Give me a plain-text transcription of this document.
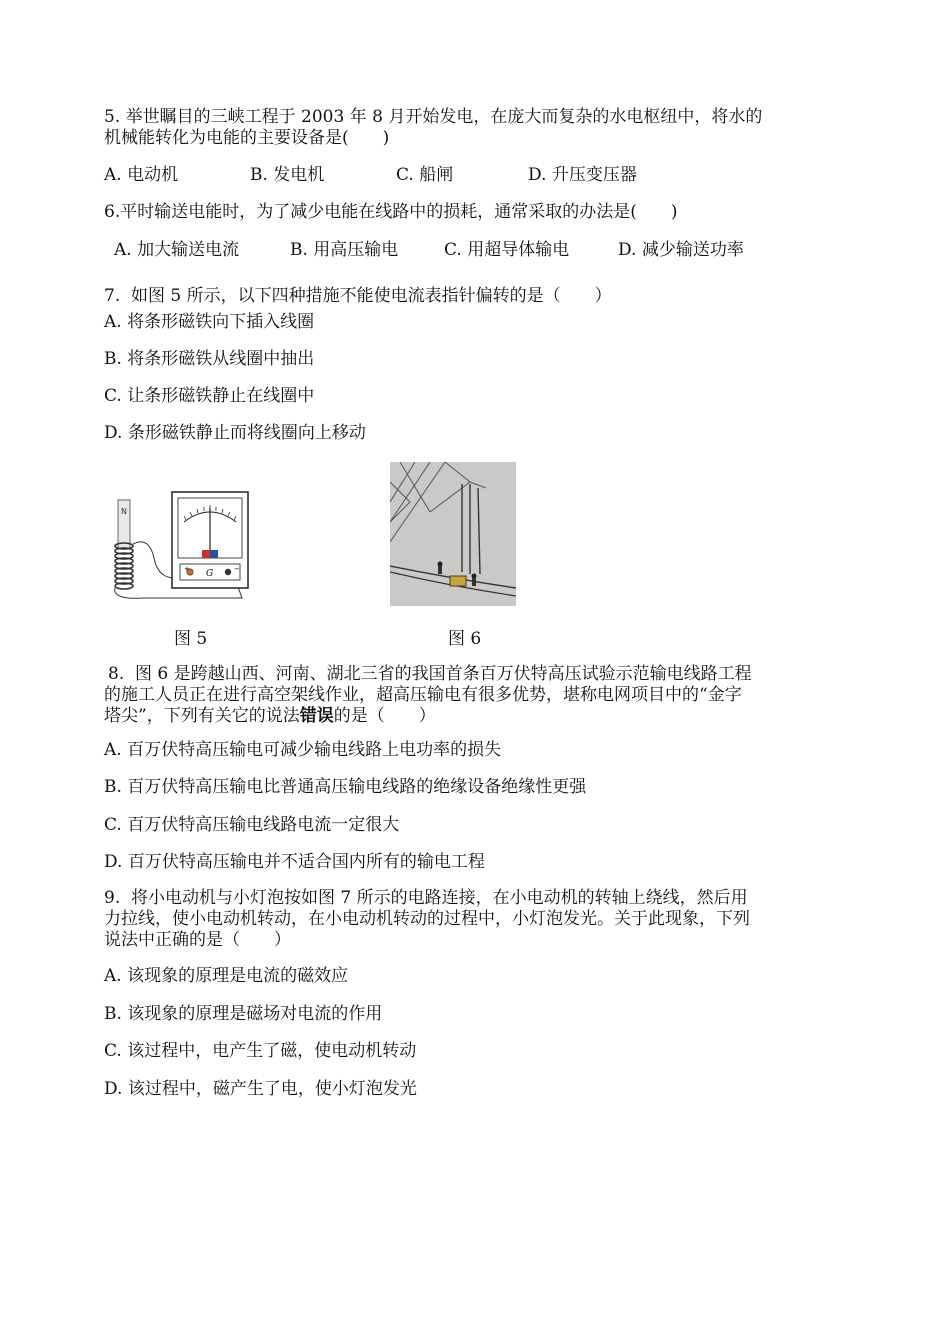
5. 举世瞩目的三峡工程于 2003 年 8 月开始发电，在庞大而复杂的水电枢纽中，将水的
机械能转化为电能的主要设备是(　　)
A. 电动机	B. 发电机	C. 船闸	D. 升压变压器
6.平时输送电能时，为了减少电能在线路中的损耗，通常采取的办法是(　　)
A. 加大输送电流	B. 用高压输电	C. 用超导体输电	D. 减少输送功率
7.  如图 5 所示，以下四种措施不能使电流表指针偏转的是（　　）
A. 将条形磁铁向下插入线圈
B. 将条形磁铁从线圈中抽出
C. 让条形磁铁静止在线圈中
D. 条形磁铁静止而将线圈向上移动
N
+	−
G
图 5	图 6
8.  图 6 是跨越山西、河南、湖北三省的我国首条百万伏特高压试验示范输电线路工程
的施工人员正在进行高空架线作业，超高压输电有很多优势，堪称电网项目中的“金字
塔尖”，下列有关它的说法错误的是（　　）
A. 百万伏特高压输电可减少输电线路上电功率的损失
B. 百万伏特高压输电比普通高压输电线路的绝缘设备绝缘性更强
C. 百万伏特高压输电线路电流一定很大
D. 百万伏特高压输电并不适合国内所有的输电工程
9.  将小电动机与小灯泡按如图 7 所示的电路连接，在小电动机的转轴上绕线，然后用
力拉线，使小电动机转动，在小电动机转动的过程中，小灯泡发光。关于此现象，下列
说法中正确的是（　　）
A. 该现象的原理是电流的磁效应
B. 该现象的原理是磁场对电流的作用
C. 该过程中，电产生了磁，使电动机转动
D. 该过程中，磁产生了电，使小灯泡发光
